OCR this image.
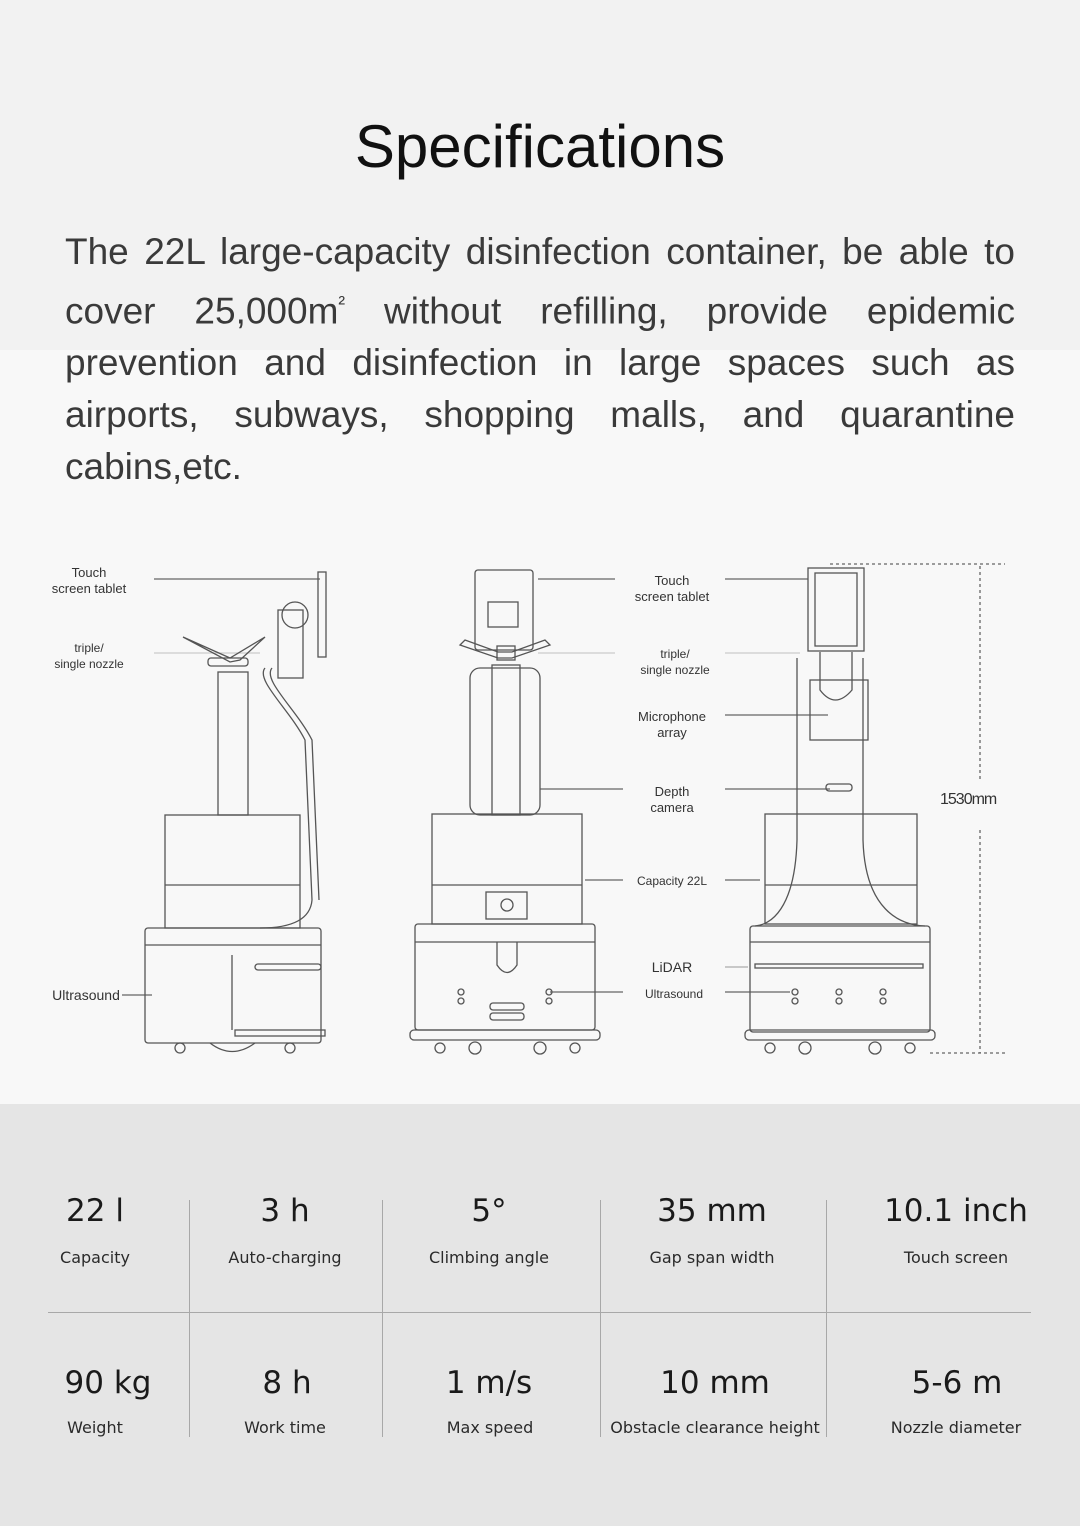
Specifications
The 22L large-capacity disinfection container, be able to cover $25,000m^{^2}$ without refilling, provide epidemic prevention and disinfection in large spaces such as airports, subways, shopping malls, and quarantine cabins,etc.
Touch
screen tablet
triple/
single nozzle
Ultrasound
Touch
screen tablet
triple/
single nozzle
Microphone
array
Depth
camera
Capacity 22L
LiDAR
Ultrasound
1530mm
22 l
Capacity
3 h
Auto-charging
5°
Climbing angle
35 mm
Gap span width
10.1 inch
Touch screen
90 kg
Weight
8 h
Work time
1 m/s
Max speed
10 mm
Obstacle clearance height
5-6 m
Nozzle diameter
